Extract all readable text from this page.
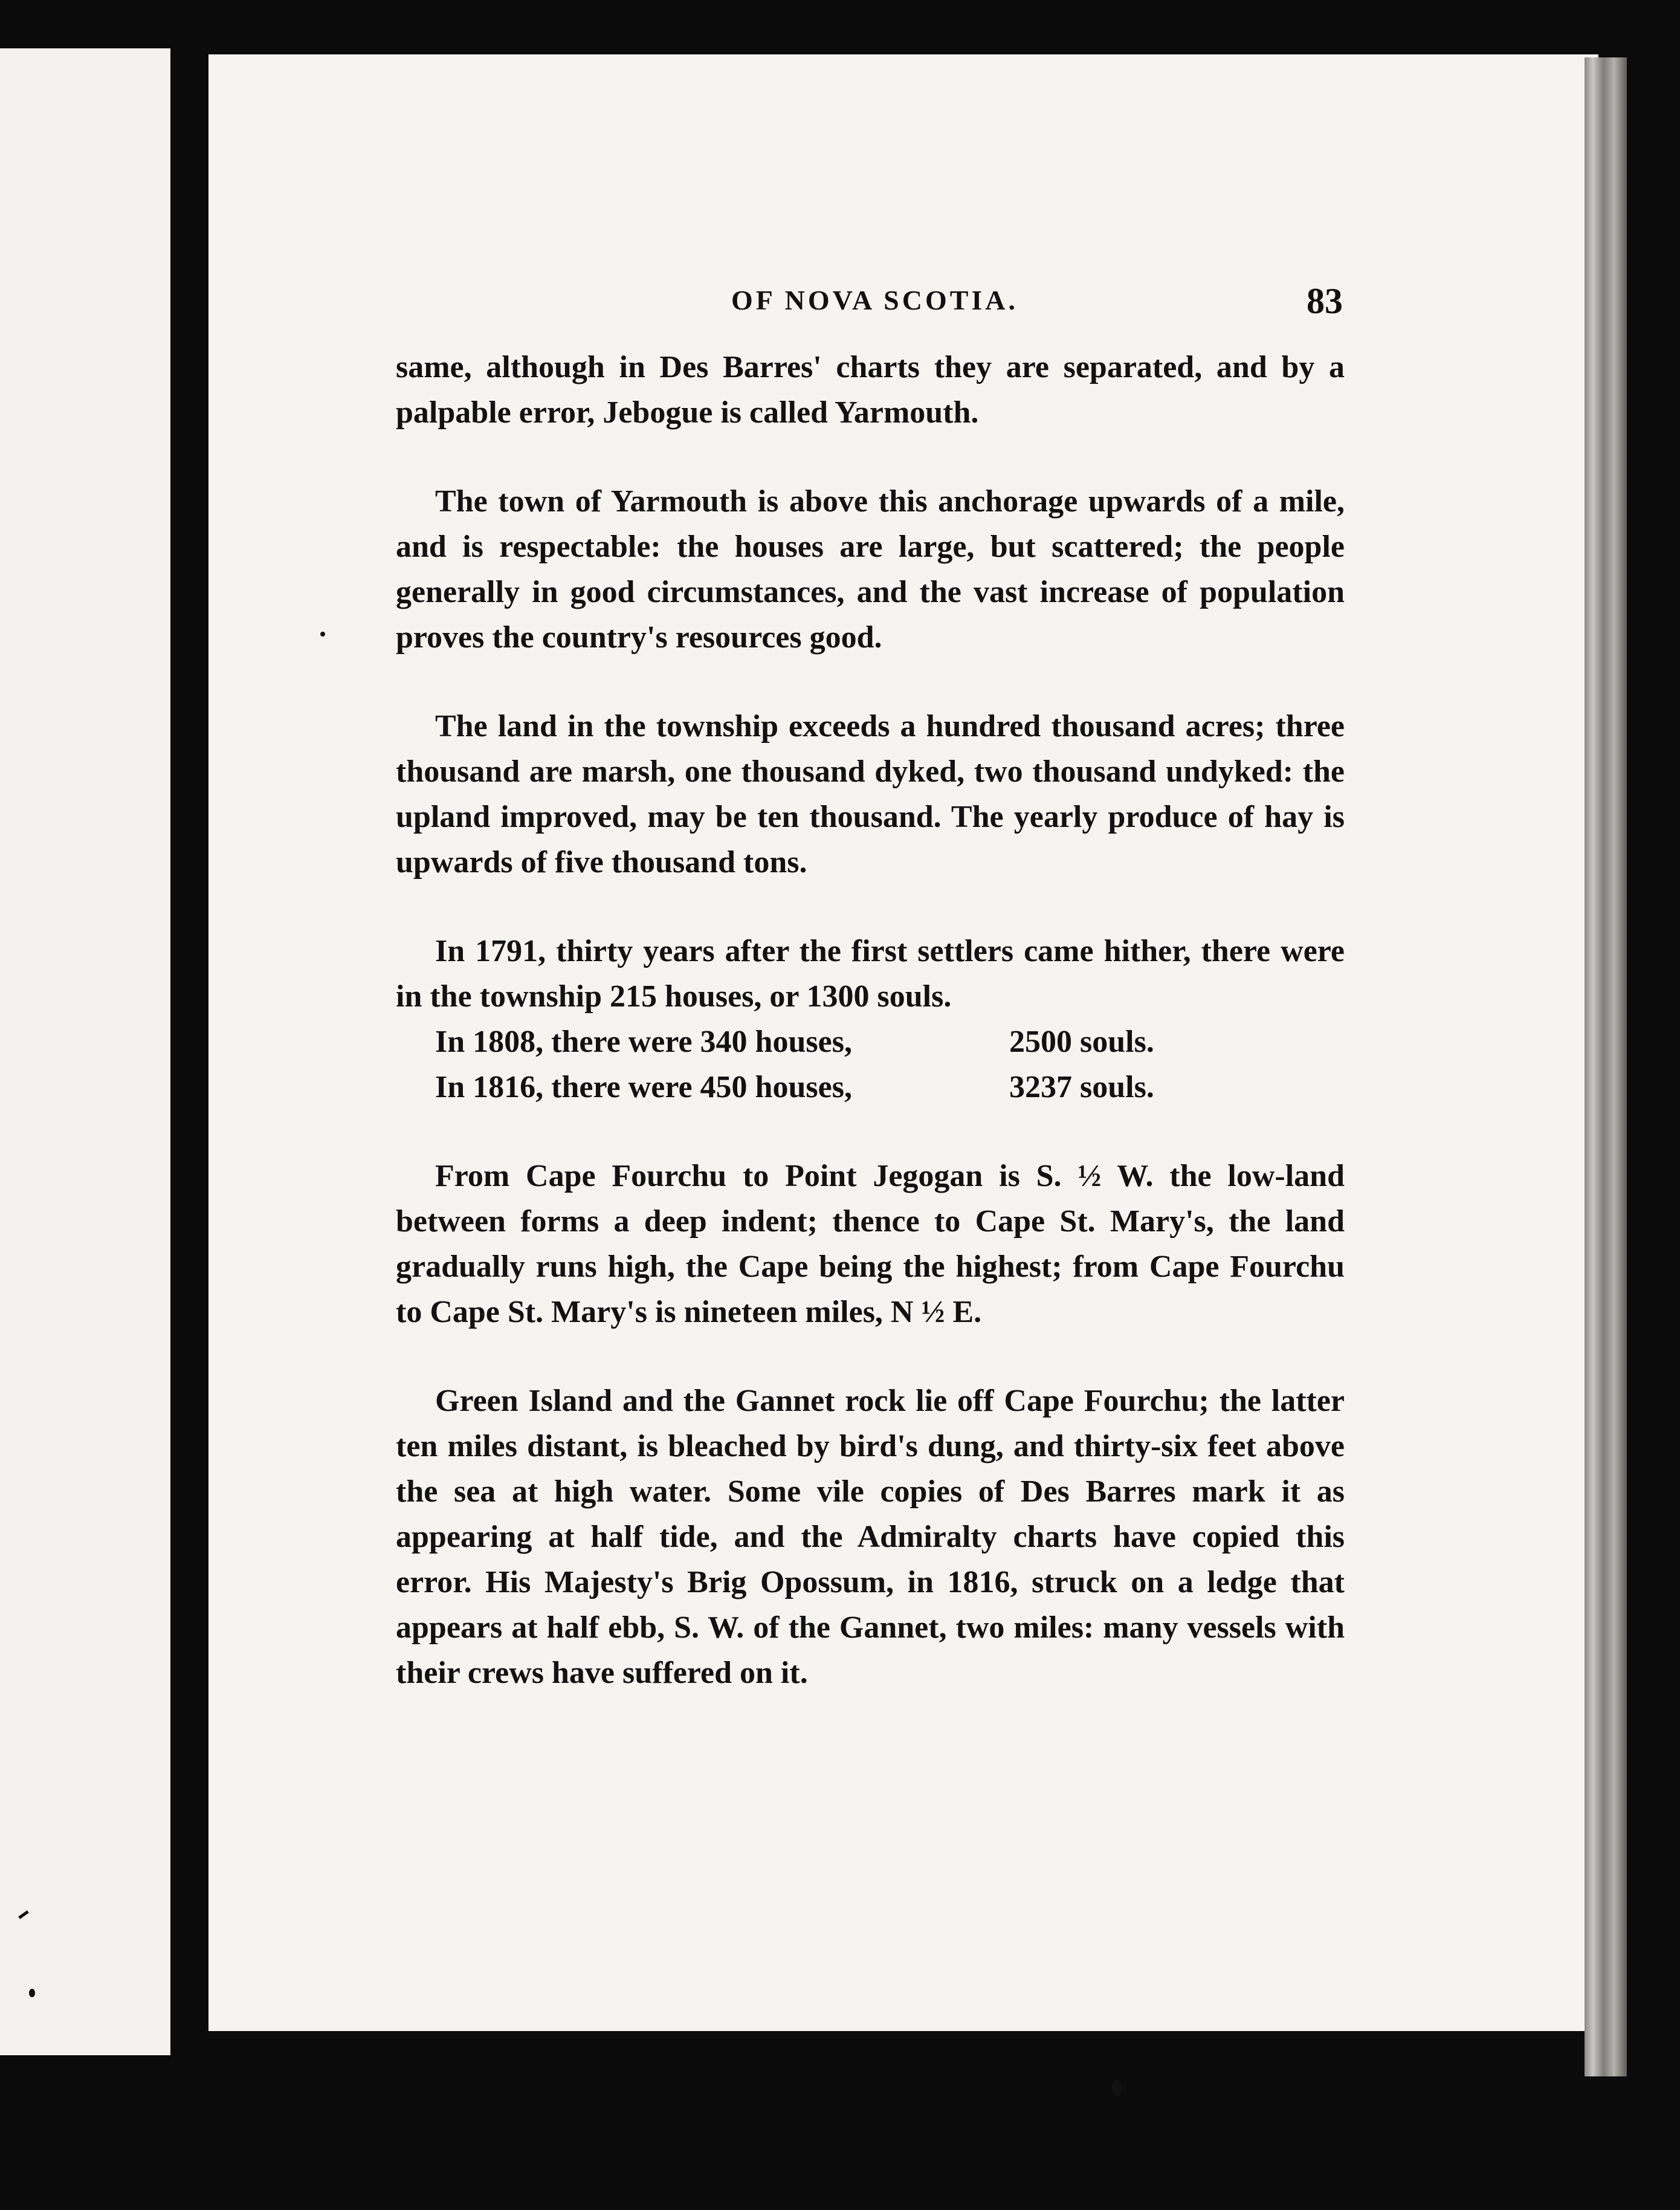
OF NOVA SCOTIA.	83

same, although in Des Barres' charts they are separated, and by a palpable error, Jebogue is called Yarmouth.

The town of Yarmouth is above this anchorage upwards of a mile, and is respectable: the houses are large, but scattered; the people generally in good circumstances, and the vast increase of population proves the country's resources good.

The land in the township exceeds a hundred thousand acres; three thousand are marsh, one thousand dyked, two thousand undyked: the upland improved, may be ten thousand. The yearly produce of hay is upwards of five thousand tons.

In 1791, thirty years after the first settlers came hither, there were in the township 215 houses, or 1300 souls.
In 1808, there were 340 houses,	2500 souls.
In 1816, there were 450 houses,	3237 souls.

From Cape Fourchu to Point Jegogan is S. ½ W. the low-land between forms a deep indent; thence to Cape St. Mary's, the land gradually runs high, the Cape being the highest; from Cape Fourchu to Cape St. Mary's is nineteen miles, N ½ E.

Green Island and the Gannet rock lie off Cape Fourchu; the latter ten miles distant, is bleached by bird's dung, and thirty-six feet above the sea at high water. Some vile copies of Des Barres mark it as appearing at half tide, and the Admiralty charts have copied this error. His Majesty's Brig Opossum, in 1816, struck on a ledge that appears at half ebb, S. W. of the Gannet, two miles: many vessels with their crews have suffered on it.
